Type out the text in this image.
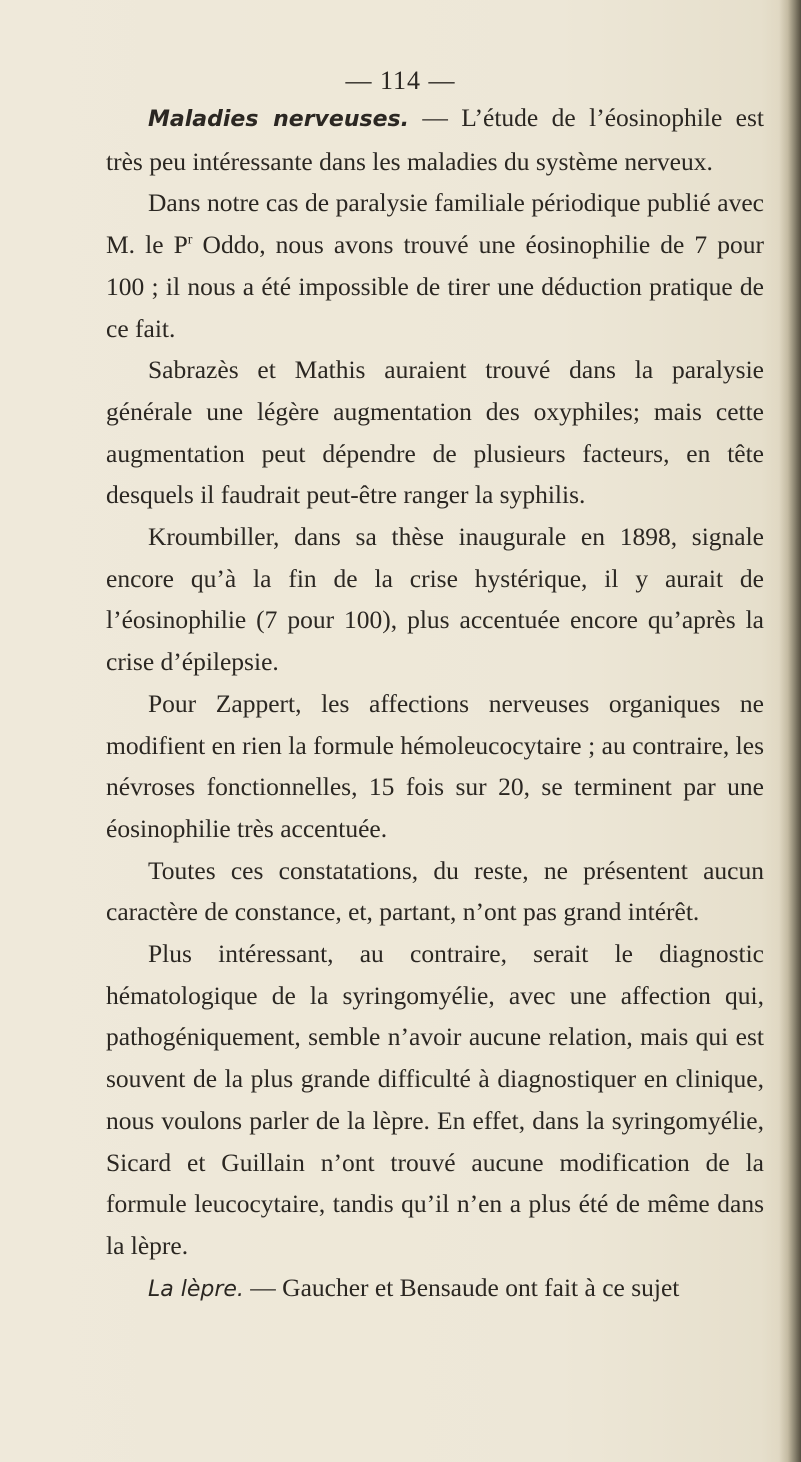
— 114 —

Maladies nerveuses. — L’étude de l’éosinophile est très peu intéressante dans les maladies du système nerveux.

Dans notre cas de paralysie familiale périodique publié avec M. le $P^r$ Oddo, nous avons trouvé une éosinophilie de 7 pour 100 ; il nous a été impossible de tirer une déduction pratique de ce fait.

Sabrazès et Mathis auraient trouvé dans la paralysie générale une légère augmentation des oxyphiles; mais cette augmentation peut dépendre de plusieurs facteurs, en tête desquels il faudrait peut-être ranger la syphilis.

Kroumbiller, dans sa thèse inaugurale en 1898, signale encore qu’à la fin de la crise hystérique, il y aurait de l’éosinophilie (7 pour 100), plus accentuée encore qu’après la crise d’épilepsie.

Pour Zappert, les affections nerveuses organiques ne modifient en rien la formule hémoleucocytaire ; au contraire, les névroses fonctionnelles, 15 fois sur 20, se terminent par une éosinophilie très accentuée.

Toutes ces constatations, du reste, ne présentent aucun caractère de constance, et, partant, n’ont pas grand intérêt.

Plus intéressant, au contraire, serait le diagnostic hématologique de la syringomyélie, avec une affection qui, pathogéniquement, semble n’avoir aucune relation, mais qui est souvent de la plus grande difficulté à diagnostiquer en clinique, nous voulons parler de la lèpre. En effet, dans la syringomyélie, Sicard et Guillain n’ont trouvé aucune modification de la formule leucocytaire, tandis qu’il n’en a plus été de même dans la lèpre.

La lèpre. — Gaucher et Bensaude ont fait à ce sujet
